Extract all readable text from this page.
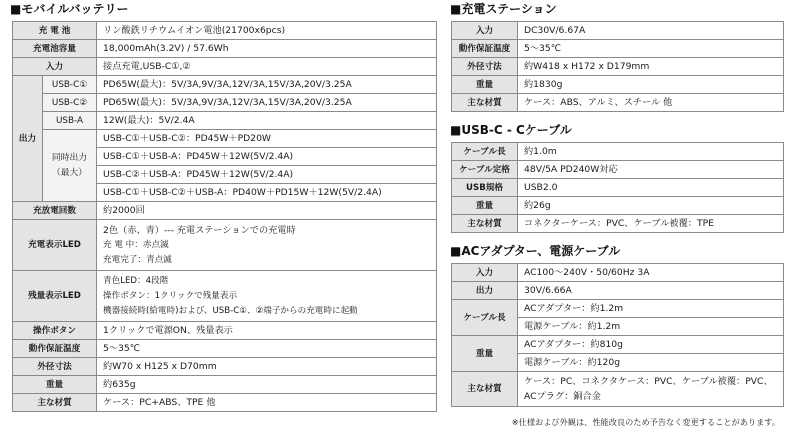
■モバイルバッテリー
充 電 池		リン酸鉄リチウムイオン電池(21700x6pcs)
充電池容量		18,000mAh(3.2V) / 57.6Wh
入力		接点充電,USB-C①,②
出力	USB-C①	PD65W(最大)：5V/3A,9V/3A,12V/3A,15V/3A,20V/3.25A
	USB-C②	PD65W(最大)：5V/3A,9V/3A,12V/3A,15V/3A,20V/3.25A
	USB-A	12W(最大)：5V/2.4A

	同時出力
（最大）	USB-C①＋USB-C②：PD45W＋PD20W
		USB-C①＋USB-A：PD45W＋12W(5V/2.4A)
		USB-C②＋USB-A：PD45W＋12W(5V/2.4A)
		USB-C①＋USB-C②＋USB-A：PD40W＋PD15W＋12W(5V/2.4A)
充放電回数		約2000回
充電表示LED		2色（赤、青）--- 充電ステーションでの充電時
充 電 中：赤点滅
充電完了：青点滅

残量表示LED		青色LED：4段階
操作ボタン：1クリックで残量表示
機器接続時(給電時)および、USB-C①、②端子からの充電時に起動

操作ボタン		1クリックで電源ON、残量表示
動作保証温度		5〜35℃
外径寸法		約W70 x H125 x D70mm
重量		約635g
主な材質		ケース：PC+ABS、TPE 他
■充電ステーション
入力	DC30V/6.67A
動作保証温度	5〜35℃
外径寸法	約W418 x H172 x D179mm
重量	約1830g
主な材質	ケース：ABS、アルミ、スチール 他
■USB-C - Cケーブル
ケーブル長	約1.0m
ケーブル定格	48V/5A PD240W対応
USB規格	USB2.0
重量	約26g
主な材質	コネクターケース：PVC、ケーブル被覆：TPE
■ACアダプター、電源ケーブル
入力	AC100〜240V・50/60Hz 3A
出力	30V/6.66A
ケーブル長	ACアダプター：約1.2m
	電源ケーブル：約1.2m
重量	ACアダプター：約810g
	電源ケーブル：約120g
主な材質	ケース：PC、コネクタケース：PVC、ケーブル被覆：PVC、
ACプラグ：銅合金
※仕様および外観は、性能改良のため予告なく変更することがあります。
